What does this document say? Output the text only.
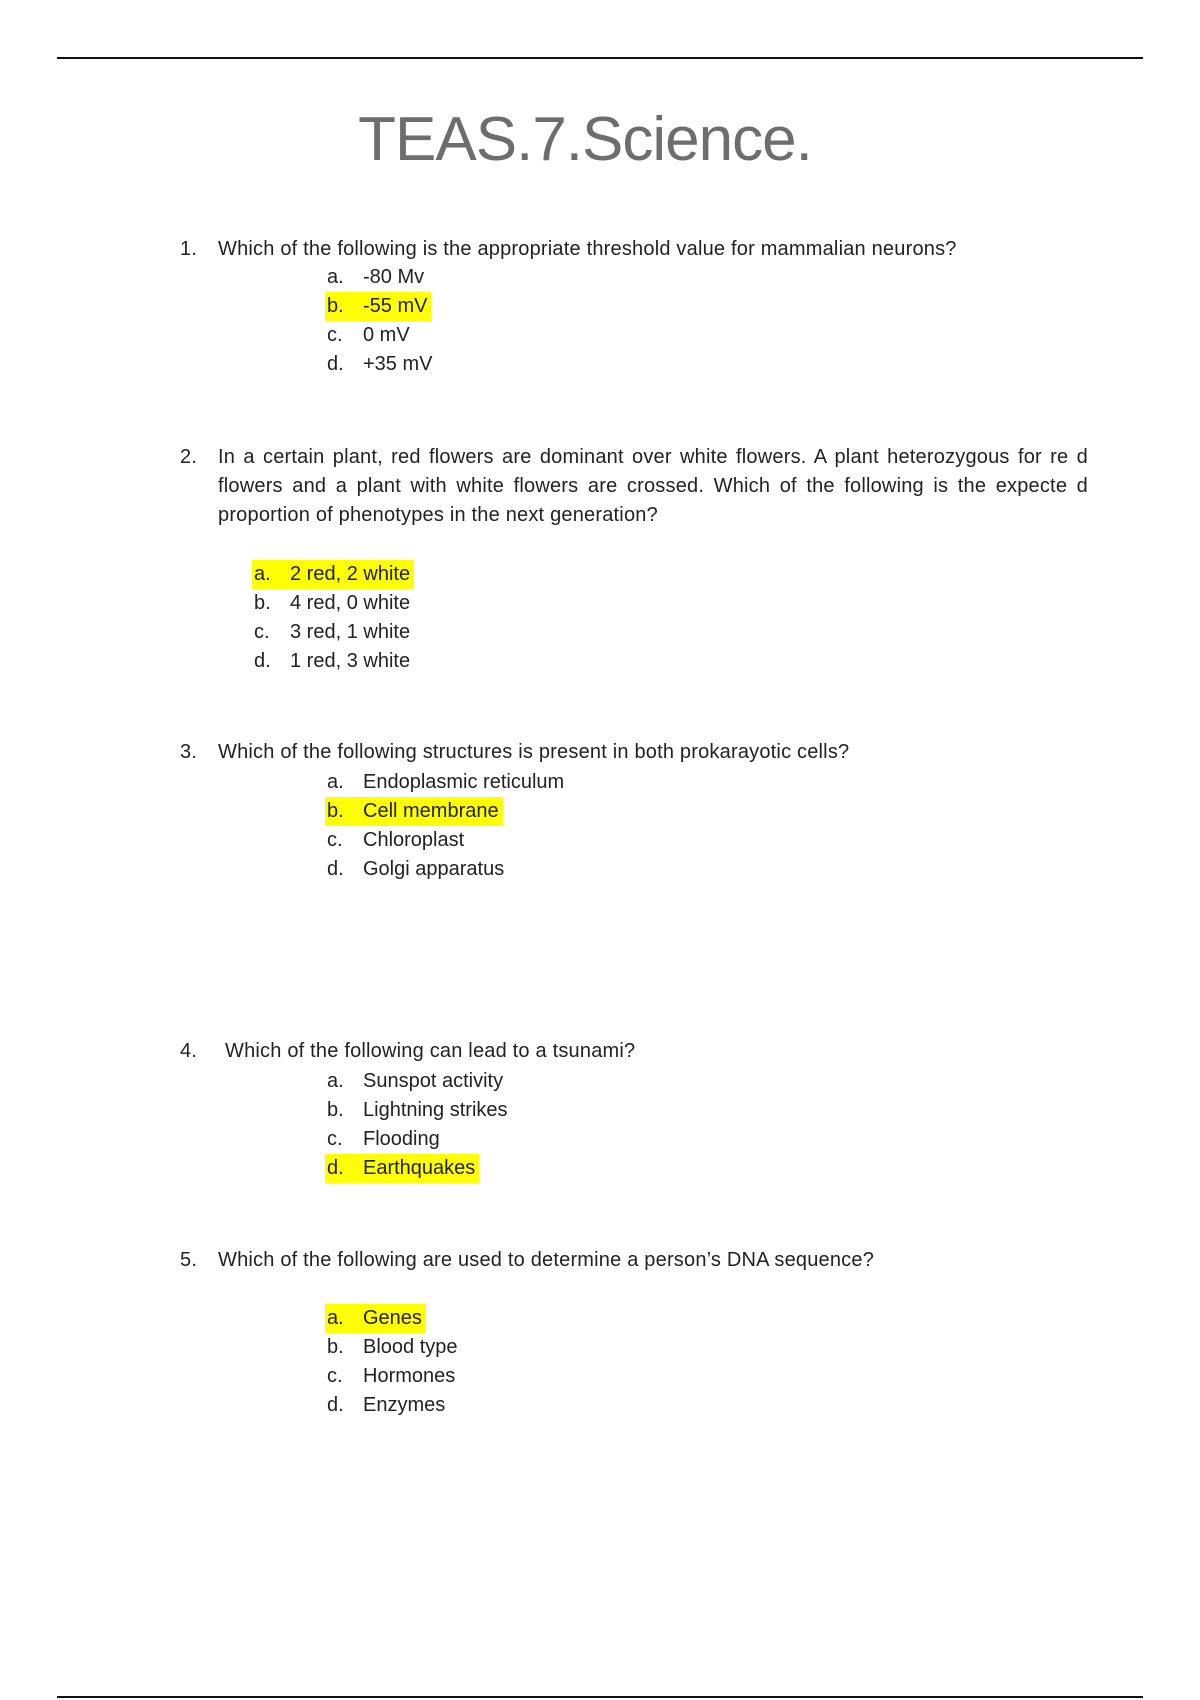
TEAS.7.Science.
1.	Which of the following is the appropriate threshold value for mammalian neurons?
a. -80 Mv
b. -55 mV
c. 0 mV
d. +35 mV
2.	In a certain plant, red flowers are dominant over white flowers. A plant heterozygous for re d flowers and a plant with white flowers are crossed. Which of the following is the expecte d proportion of phenotypes in the next generation?
a. 2 red, 2 white
b. 4 red, 0 white
c. 3 red, 1 white
d. 1 red, 3 white
3.	Which of the following structures is present in both prokarayotic cells?
a. Endoplasmic reticulum
b. Cell membrane
c. Chloroplast
d. Golgi apparatus
4.	Which of the following can lead to a tsunami?
a. Sunspot activity
b. Lightning strikes
c. Flooding
d. Earthquakes
5.	Which of the following are used to determine a person’s DNA sequence?
a. Genes
b. Blood type
c. Hormones
d. Enzymes
